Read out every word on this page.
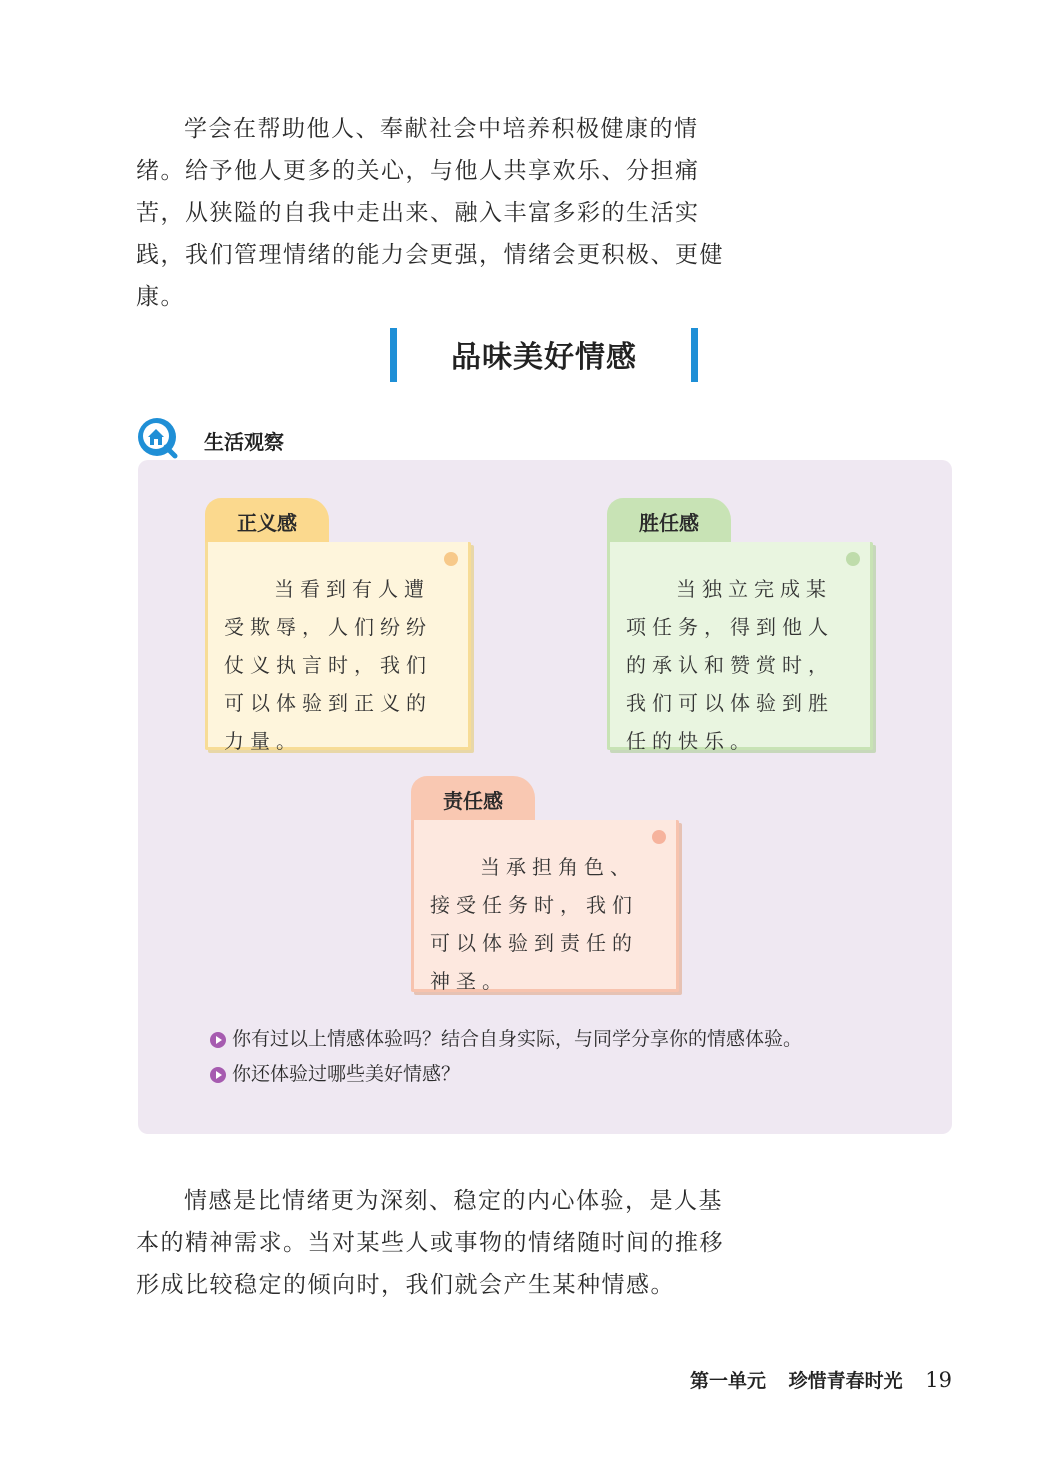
学会在帮助他人、奉献社会中培养积极健康的情绪。给予他人更多的关心，与他人共享欢乐、分担痛苦，从狭隘的自我中走出来、融入丰富多彩的生活实践，我们管理情绪的能力会更强，情绪会更积极、更健康。

品味美好情感
生活观察
正义感

当看到有人遭受欺辱，人们纷纷仗义执言时，我们可以体验到正义的力量。

胜任感

当独立完成某项任务，得到他人的承认和赞赏时，我们可以体验到胜任的快乐。

责任感

当承担角色、接受任务时，我们可以体验到责任的神圣。

你有过以上情感体验吗？结合自身实际，与同学分享你的情感体验。
你还体验过哪些美好情感？

情感是比情绪更为深刻、稳定的内心体验，是人基本的精神需求。当对某些人或事物的情绪随时间的推移形成比较稳定的倾向时，我们就会产生某种情感。

第一单元 珍惜青春时光 19
